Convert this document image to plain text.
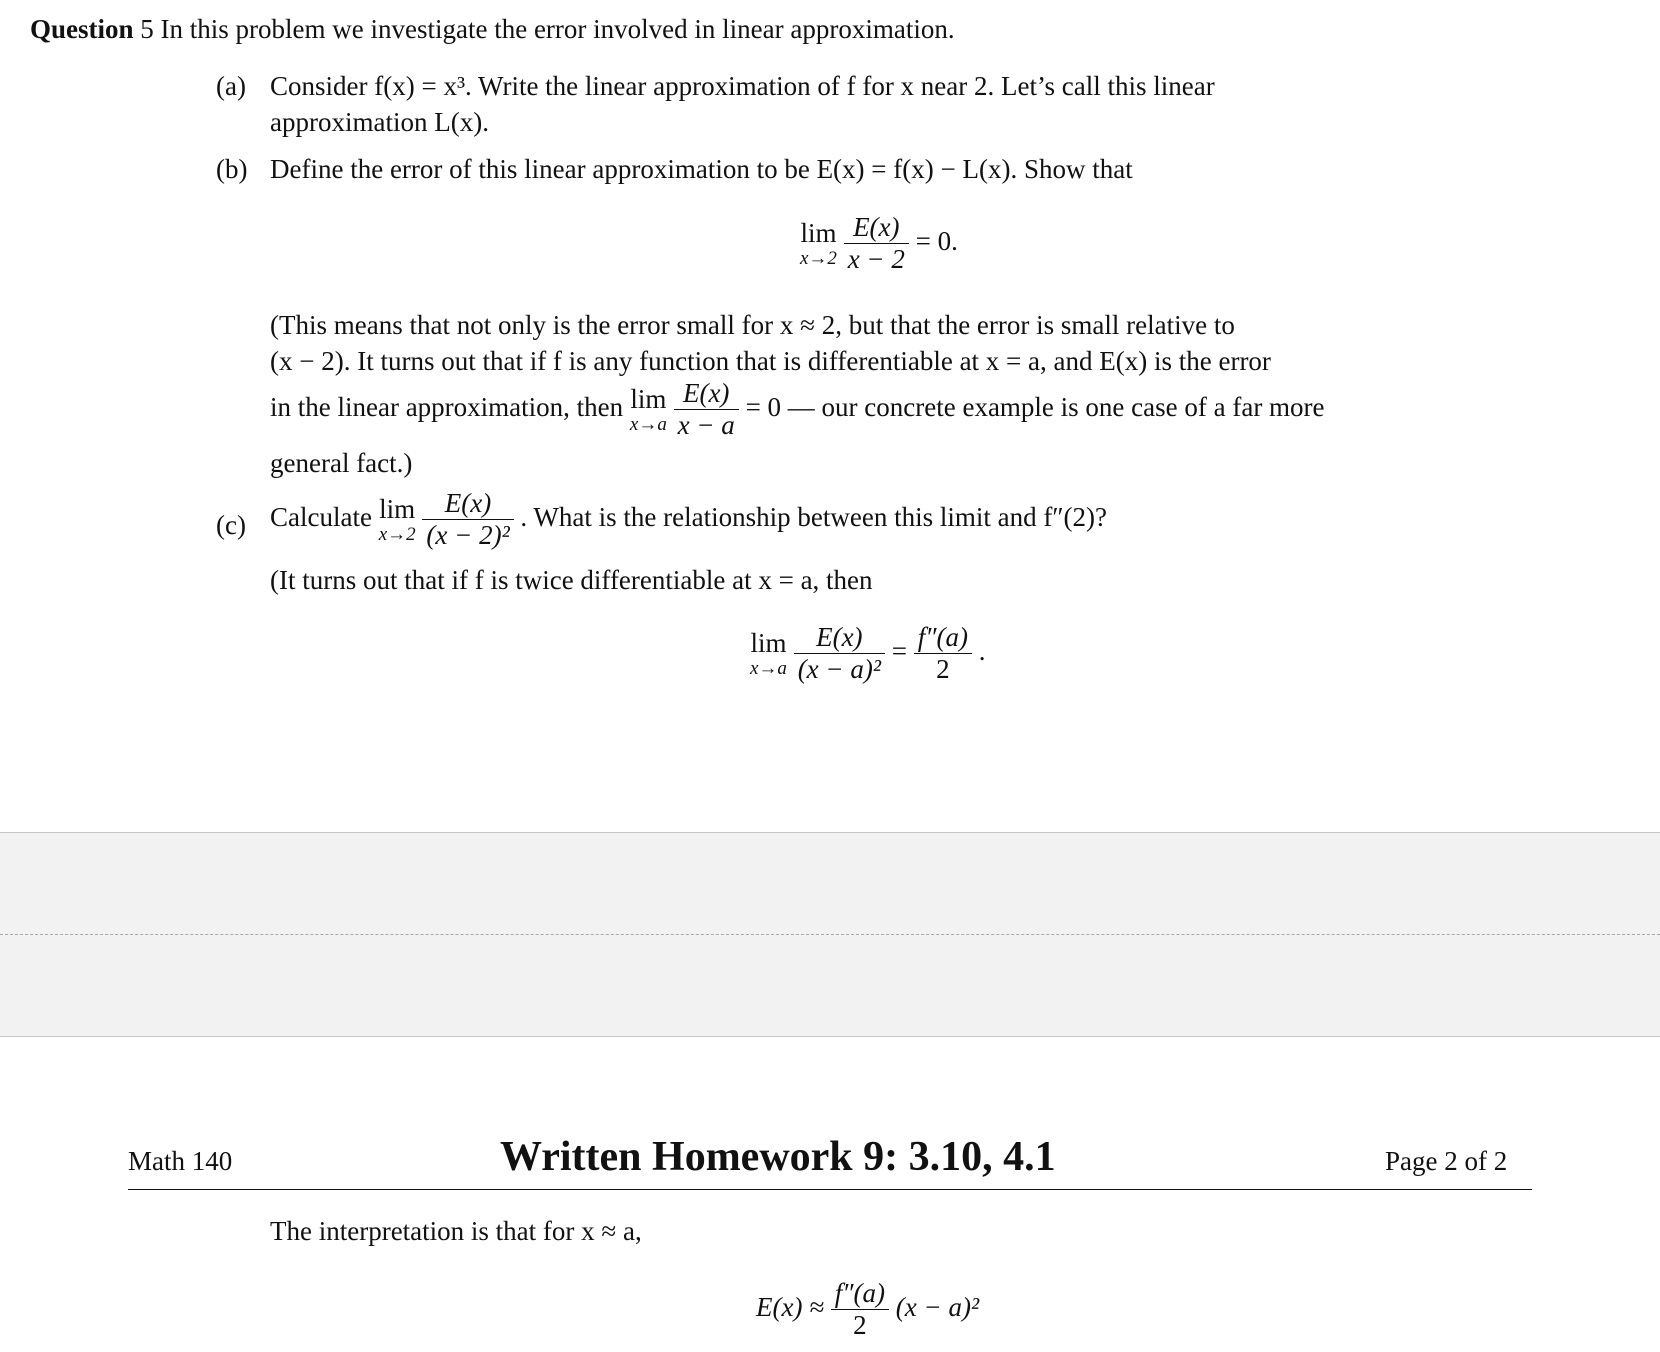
Question 5 In this problem we investigate the error involved in linear approximation.
(a) Consider f(x) = x³. Write the linear approximation of f for x near 2. Let’s call this linear
approximation L(x).
(b) Define the error of this linear approximation to be E(x) = f(x) − L(x). Show that
lim
x→2
$\frac{E(x)}{x - 2} = 0$.
(This means that not only is the error small for x ≈ 2, but that the error is small relative to
(x − 2). It turns out that if f is any function that is differentiable at x = a, and E(x) is the error
in the linear approximation, then lim
x→a
$\frac{E(x)}{x - a} = 0$ — our concrete example is one case of a far more
general fact.)
(c) Calculate lim
x→2
$\frac{E(x)}{\text{(x − 2)²}}$ . What is the relationship between this limit and f″(2)?
(It turns out that if f is twice differentiable at x = a, then
lim
x→a
$\frac{E(x)}{\text{(x − a)²}} = \frac{f''(a)}{2}$ .
Math 140	Written Homework 9: 3.10, 4.1	Page 2 of 2
The interpretation is that for x ≈ a,
$E(x) \approx \frac{f''(a)}{2} (x - a)^2$
